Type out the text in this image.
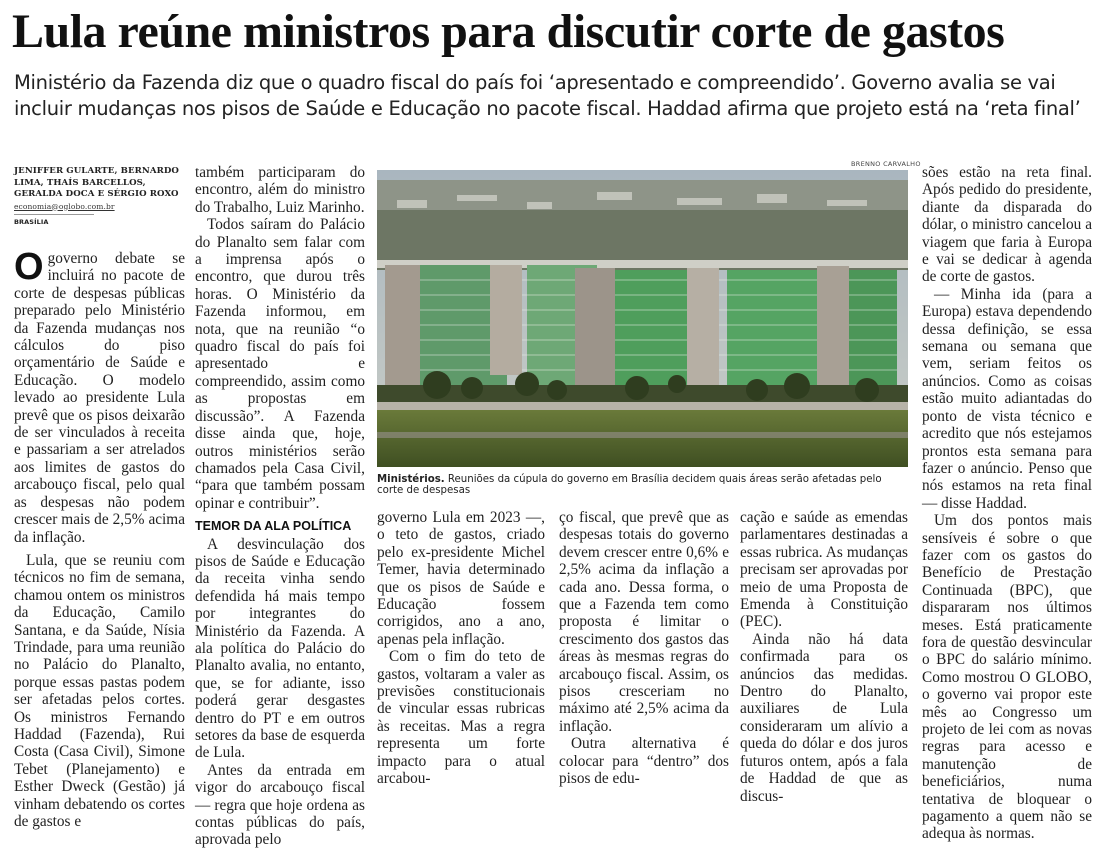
Lula reúne ministros para discutir corte de gastos
Ministério da Fazenda diz que o quadro fiscal do país foi ‘apresentado e compreendido’. Governo avalia se vai incluir mudanças nos pisos de Saúde e Educação no pacote fiscal. Haddad afirma que projeto está na ‘reta final’
JENIFFER GULARTE, BERNARDO LIMA, THAÍS BARCELLOS, GERALDA DOCA E SÉRGIO ROXO
economia@oglobo.com.br
BRASÍLIA

Ogoverno debate se incluirá no pacote de corte de despesas públicas preparado pelo Ministério da Fazenda mudanças nos cálculos do piso orçamentário de Saúde e Educação. O modelo levado ao presidente Lula prevê que os pisos deixarão de ser vinculados à receita e passariam a ser atrelados aos limites de gastos do arcabouço fiscal, pelo qual as despesas não podem crescer mais de 2,5% acima da inflação.

Lula, que se reuniu com técnicos no fim de semana, chamou ontem os ministros da Educação, Camilo Santana, e da Saúde, Nísia Trindade, para uma reunião no Palácio do Planalto, porque essas pastas podem ser afetadas pelos cortes. Os ministros Fernando Haddad (Fazenda), Rui Costa (Casa Civil), Simone Tebet (Planejamento) e Esther Dweck (Gestão) já vinham debatendo os cortes de gastos e

também participaram do encontro, além do ministro do Trabalho, Luiz Marinho.

Todos saíram do Palácio do Planalto sem falar com a imprensa após o encontro, que durou três horas. O Ministério da Fazenda informou, em nota, que na reunião “o quadro fiscal do país foi apresentado e compreendido, assim como as propostas em discussão”. A Fazenda disse ainda que, hoje, outros ministérios serão chamados pela Casa Civil, “para que também possam opinar e contribuir”.

TEMOR DA ALA POLÍTICA

A desvinculação dos pisos de Saúde e Educação da receita vinha sendo defendida há mais tempo por integrantes do Ministério da Fazenda. A ala política do Palácio do Planalto avalia, no entanto, que, se for adiante, isso poderá gerar desgastes dentro do PT e em outros setores da base de esquerda de Lula.

Antes da entrada em vigor do arcabouço fiscal — regra que hoje ordena as contas públicas do país, aprovada pelo

BRENNO CARVALHO
Ministérios. Reuniões da cúpula do governo em Brasília decidem quais áreas serão afetadas pelo corte de despesas

governo Lula em 2023 —, o teto de gastos, criado pelo ex-presidente Michel Temer, havia determinado que os pisos de Saúde e Educação fossem corrigidos, ano a ano, apenas pela inflação.

Com o fim do teto de gastos, voltaram a valer as previsões constitucionais de vincular essas rubricas às receitas. Mas a regra representa um forte impacto para o atual arcabou-

ço fiscal, que prevê que as despesas totais do governo devem crescer entre 0,6% e 2,5% acima da inflação a cada ano. Dessa forma, o que a Fazenda tem como proposta é limitar o crescimento dos gastos das áreas às mesmas regras do arcabouço fiscal. Assim, os pisos cresceriam no máximo até 2,5% acima da inflação.

Outra alternativa é colocar para “dentro” dos pisos de edu-

cação e saúde as emendas parlamentares destinadas a essas rubrica. As mudanças precisam ser aprovadas por meio de uma Proposta de Emenda à Constituição (PEC).

Ainda não há data confirmada para os anúncios das medidas. Dentro do Planalto, auxiliares de Lula consideraram um alívio a queda do dólar e dos juros futuros ontem, após a fala de Haddad de que as discus-

sões estão na reta final. Após pedido do presidente, diante da disparada do dólar, o ministro cancelou a viagem que faria à Europa e vai se dedicar à agenda de corte de gastos.

— Minha ida (para a Europa) estava dependendo dessa definição, se essa semana ou semana que vem, seriam feitos os anúncios. Como as coisas estão muito adiantadas do ponto de vista técnico e acredito que nós estejamos prontos esta semana para fazer o anúncio. Penso que nós estamos na reta final — disse Haddad.

Um dos pontos mais sensíveis é sobre o que fazer com os gastos do Benefício de Prestação Continuada (BPC), que dispararam nos últimos meses. Está praticamente fora de questão desvincular o BPC do salário mínimo. Como mostrou O GLOBO, o governo vai propor este mês ao Congresso um projeto de lei com as novas regras para acesso e manutenção de beneficiários, numa tentativa de bloquear o pagamento a quem não se adequa às normas.
